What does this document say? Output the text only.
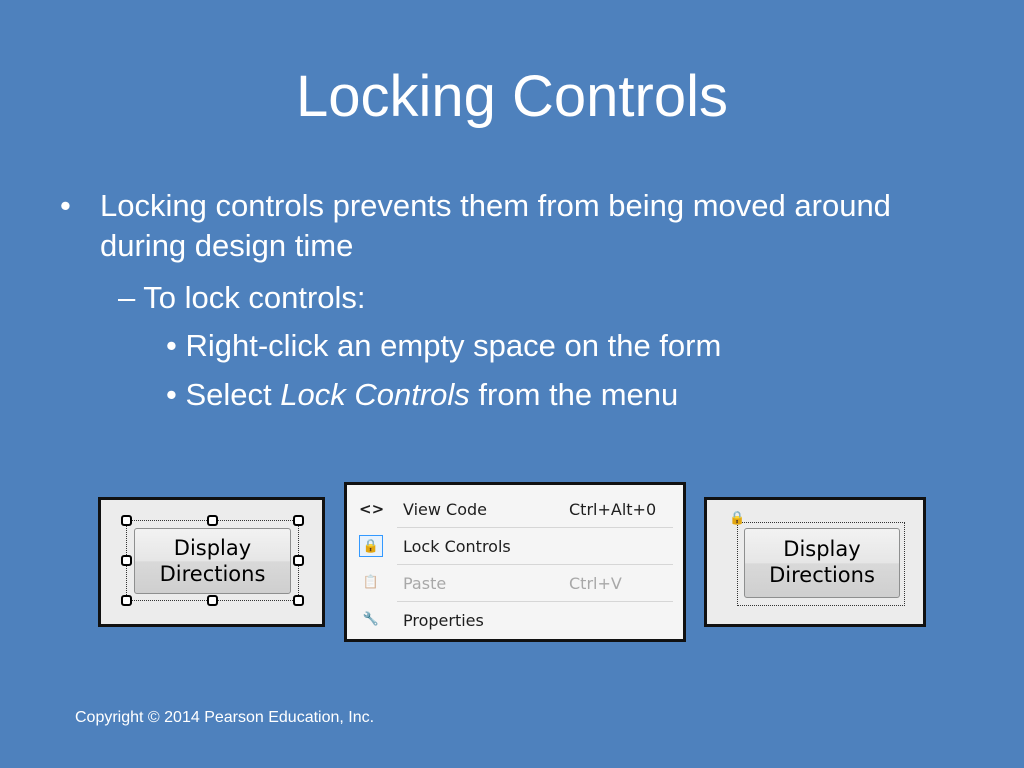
Locking Controls
• Locking controls prevents them from being moved around during design time
– To lock controls:
• Right-click an empty space on the form
• Select Lock Controls from the menu
Display
Directions
<> View Code	Ctrl+Alt+0
🔒 Lock Controls
📋 Paste	Ctrl+V
🔧 Properties
🔒
Display
Directions
Copyright © 2014 Pearson Education, Inc.
